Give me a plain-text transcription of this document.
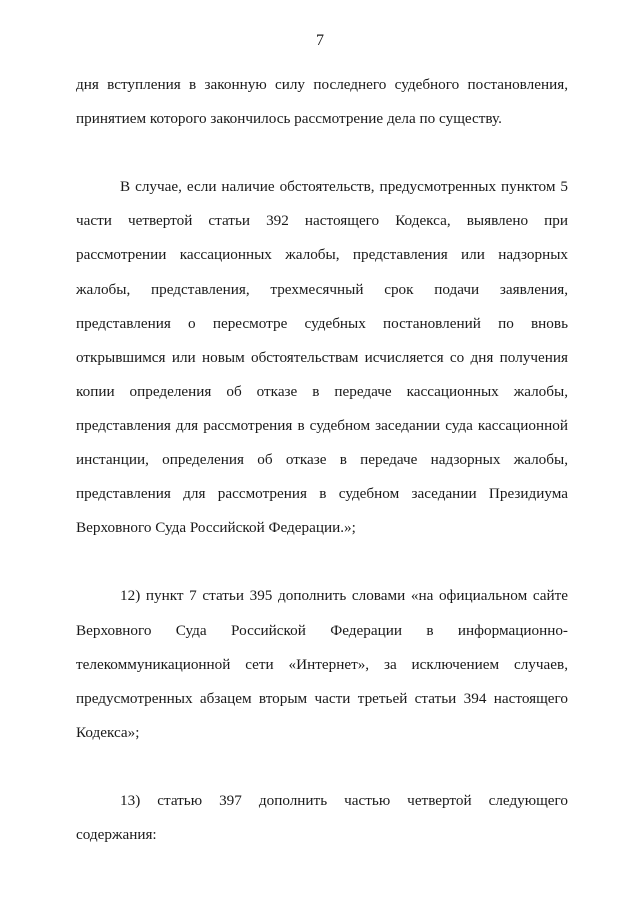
7

дня вступления в законную силу последнего судебного постановления,

принятием которого закончилось рассмотрение дела по существу.

В случае, если наличие обстоятельств, предусмотренных пунктом 5

части четвертой статьи 392 настоящего Кодекса, выявлено при

рассмотрении кассационных жалобы, представления или надзорных

жалобы, представления, трехмесячный срок подачи заявления,

представления о пересмотре судебных постановлений по вновь

открывшимся или новым обстоятельствам исчисляется со дня получения

копии определения об отказе в передаче кассационных жалобы,

представления для рассмотрения в судебном заседании суда кассационной

инстанции, определения об отказе в передаче надзорных жалобы,

представления для рассмотрения в судебном заседании Президиума

Верховного Суда Российской Федерации.»;

12) пункт 7 статьи 395 дополнить словами «на официальном сайте

Верховного Суда Российской Федерации в информационно-

телекоммуникационной сети «Интернет», за исключением случаев,

предусмотренных абзацем вторым части третьей статьи 394 настоящего

Кодекса»;

13) статью 397 дополнить частью четвертой следующего

содержания:
